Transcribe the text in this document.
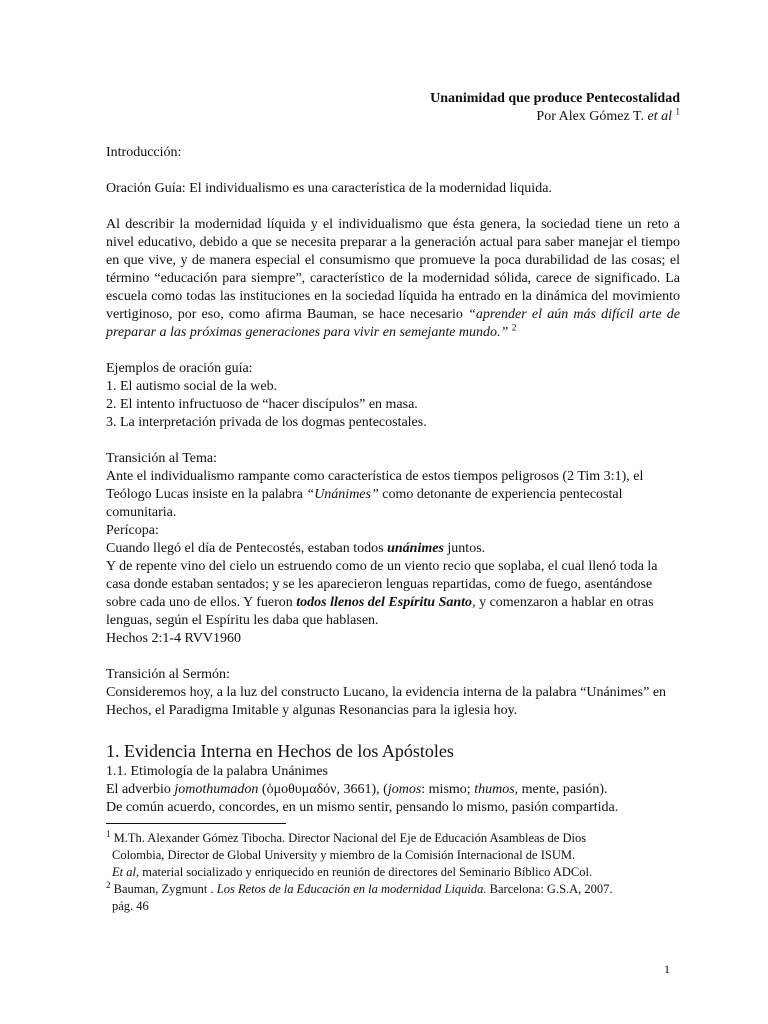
Unanimidad que produce Pentecostalidad
Por Alex Gómez T. et al $^1$

Introducción:

Oración Guía: El individualismo es una característica de la modernidad liquida.

Al describir la modernidad líquida y el individualismo que ésta genera, la sociedad tiene un reto a nivel educativo, debido a que se necesita preparar a la generación actual para saber manejar el tiempo en que vive, y de manera especial el consumismo que promueve la poca durabilidad de las cosas; el término “educación para siempre”, característico de la modernidad sólida, carece de significado. La escuela como todas las instituciones en la sociedad líquida ha entrado en la dinámica del movimiento vertiginoso, por eso, como afirma Bauman, se hace necesario “aprender el aún más difícil arte de preparar a las próximas generaciones para vivir en semejante mundo.” $^2$

Ejemplos de oración guía:

1. El autismo social de la web.

2. El intento infructuoso de “hacer discípulos” en masa.

3. La interpretación privada de los dogmas pentecostales.

Transición al Tema:

Ante el individualismo rampante como característica de estos tiempos peligrosos (2 Tim 3:1), el Teólogo Lucas insiste en la palabra “Unánimes” como detonante de experiencia pentecostal comunitaria.

Perícopa:

Cuando llegó el día de Pentecostés, estaban todos unánimes juntos.

Y de repente vino del cielo un estruendo como de un viento recio que soplaba, el cual llenó toda la casa donde estaban sentados; y se les aparecieron lenguas repartidas, como de fuego, asentándose sobre cada uno de ellos. Y fueron todos llenos del Espíritu Santo, y comenzaron a hablar en otras lenguas, según el Espíritu les daba que hablasen.

Hechos 2:1-4 RVV1960

Transición al Sermón:

Consideremos hoy, a la luz del constructo Lucano, la evidencia interna de la palabra “Unánimes” en Hechos, el Paradigma Imitable y algunas Resonancias para la iglesia hoy.

1. Evidencia Interna en Hechos de los Apóstoles

1.1. Etimología de la palabra Unánimes

El adverbio jomothumadon (ὁμοθυμαδόν, 3661), (jomos: mismo; thumos, mente, pasión).

De común acuerdo, concordes, en un mismo sentir, pensando lo mismo, pasión compartida.

$^1$ M.Th. Alexander Gómez Tibocha. Director Nacional del Eje de Educación Asambleas de Dios
Colombia, Director de Global University y miembro de la Comisión Internacional de ISUM.
Et al, material socializado y enriquecido en reunión de directores del Seminario Bíblico ADCol.
$^2$ Bauman, Zygmunt . Los Retos de la Educación en la modernidad Liquida. Barcelona: G.S.A, 2007.
pág. 46
1
